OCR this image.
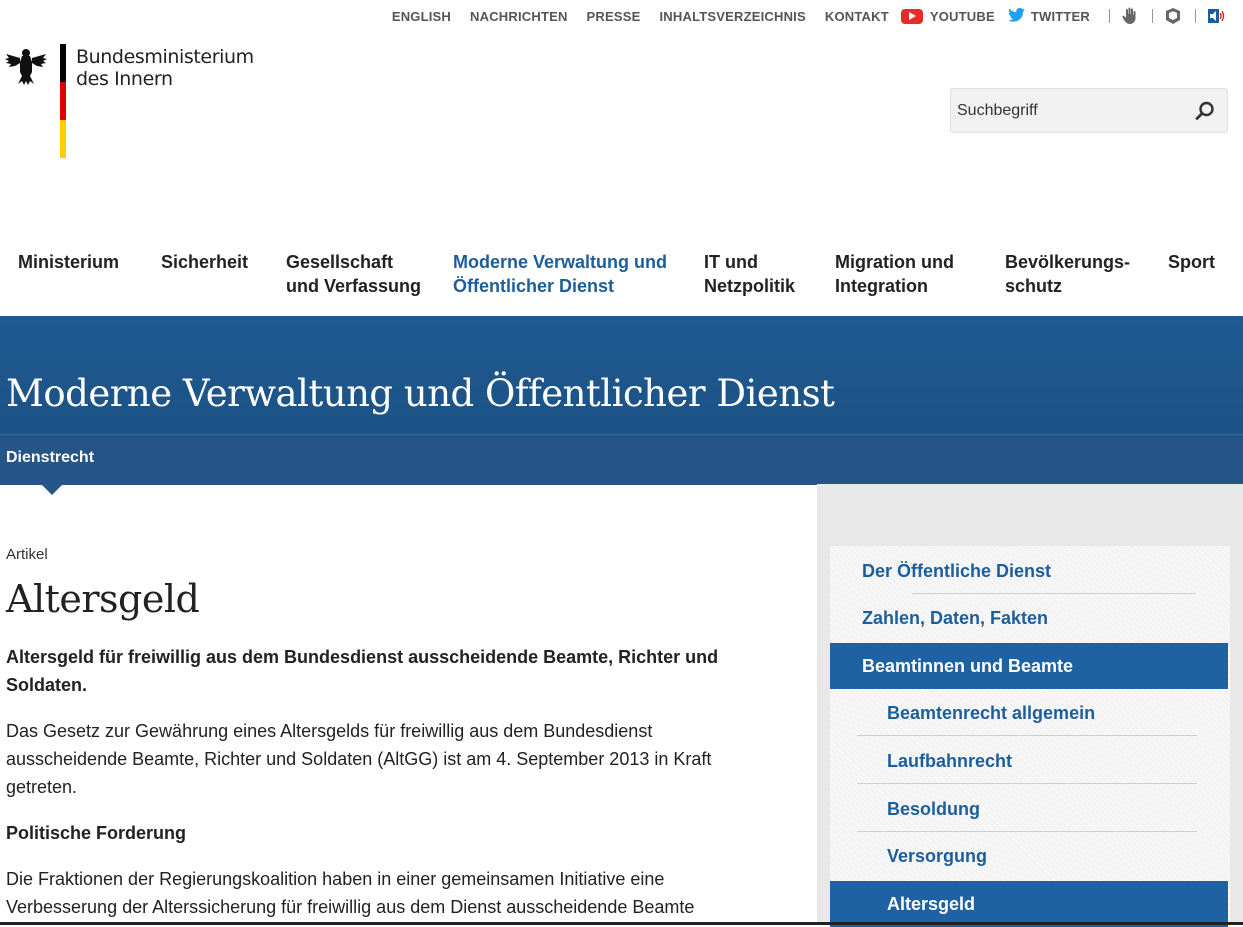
ENGLISH NACHRICHTEN PRESSE INHALTSVERZEICHNIS KONTAKT	YOUTUBE	TWITTER
Bundesministerium
des Innern
Suchbegriff
Ministerium Sicherheit Gesellschaft
und Verfassung
Moderne Verwaltung und
Öffentlicher Dienst
IT und
Netzpolitik
Migration und
Integration
Bevölkerungs-
schutz
Sport
Moderne Verwaltung und Öffentlicher Dienst
Dienstrecht
Artikel
Altersgeld
Altersgeld für freiwillig aus dem Bundesdienst ausscheidende Beamte, Richter und Soldaten.
Das Gesetz zur Gewährung eines Altersgelds für freiwillig aus dem Bundesdienst ausscheidende Beamte, Richter und Soldaten (AltGG) ist am 4. September 2013 in Kraft getreten.
Politische Forderung
Die Fraktionen der Regierungskoalition haben in einer gemeinsamen Initiative eine Verbesserung der Alterssicherung für freiwillig aus dem Dienst ausscheidende Beamte
Der Öffentliche Dienst
Zahlen, Daten, Fakten
Beamtinnen und Beamte
Beamtenrecht allgemein
Laufbahnrecht
Besoldung
Versorgung
Altersgeld
